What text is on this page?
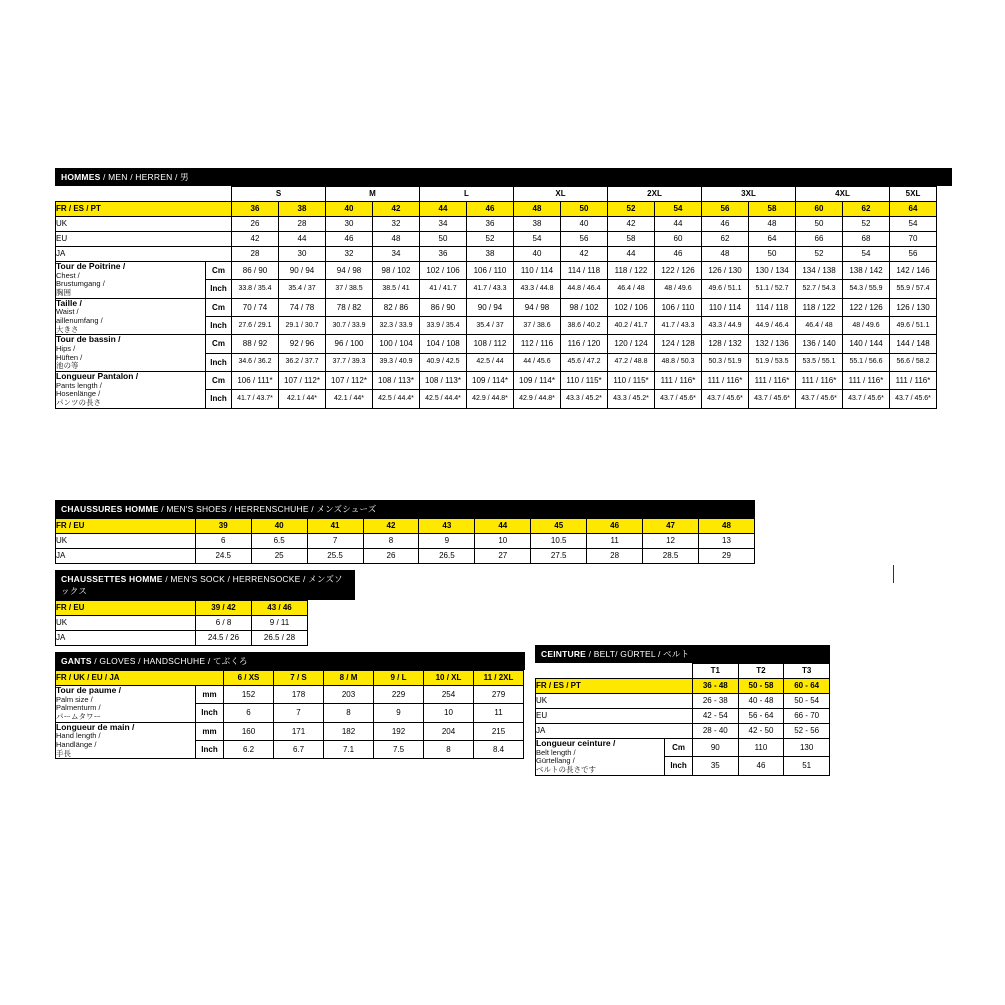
HOMMES / MEN / HERREN / 男
		S		M		L		XL		2XL		3XL		4XL		5XL
FR / ES / PT		36	38	40	42	44	46	48	50	52	54	56	58	60	62	64
UK		26	28	30	32	34	36	38	40	42	44	46	48	50	52	54
EU		42	44	46	48	50	52	54	56	58	60	62	64	66	68	70
JA		28	30	32	34	36	38	40	42	44	46	48	50	52	54	56
Tour de Poitrine /
Chest /
Brustumgang /
胸囲	Cm	86 / 90	90 / 94	94 / 98	98 / 102	102 / 106	106 / 110	110 / 114	114 / 118	118 / 122	122 / 126	126 / 130	130 / 134	134 / 138	138 / 142	142 / 146
	Inch	33.8 / 35.4	35.4 / 37	37 / 38.5	38.5 / 41	41 / 41.7	41.7 / 43.3	43.3 / 44.8	44.8 / 46.4	46.4 / 48	48 / 49.6	49.6 / 51.1	51.1 / 52.7	52.7 / 54.3	54.3 / 55.9	55.9 / 57.4
Taille /
Waist /
aillenumfang /
大きさ	Cm	70 / 74	74 / 78	78 / 82	82 / 86	86 / 90	90 / 94	94 / 98	98 / 102	102 / 106	106 / 110	110 / 114	114 / 118	118 / 122	122 / 126	126 / 130
	Inch	27.6 / 29.1	29.1 / 30.7	30.7 / 33.9	32.3 / 33.9	33.9 / 35.4	35.4 / 37	37 / 38.6	38.6 / 40.2	40.2 / 41.7	41.7 / 43.3	43.3 / 44.9	44.9 / 46.4	46.4 / 48	48 / 49.6	49.6 / 51.1
Tour de bassin /
Hips /
Hüften /
池の等	Cm	88 / 92	92 / 96	96 / 100	100 / 104	104 / 108	108 / 112	112 / 116	116 / 120	120 / 124	124 / 128	128 / 132	132 / 136	136 / 140	140 / 144	144 / 148
	Inch	34.6 / 36.2	36.2 / 37.7	37.7 / 39.3	39.3 / 40.9	40.9 / 42.5	42.5 / 44	44 / 45.6	45.6 / 47.2	47.2 / 48.8	48.8 / 50.3	50.3 / 51.9	51.9 / 53.5	53.5 / 55.1	55.1 / 56.6	56.6 / 58.2
Longueur Pantalon /
Pants length /
Hosenlänge /
パンツの長さ	Cm	106 / 111*	107 / 112*	107 / 112*	108 / 113*	108 / 113*	109 / 114*	109 / 114*	110 / 115*	110 / 115*	111 / 116*	111 / 116*	111 / 116*	111 / 116*	111 / 116*	111 / 116*
	Inch	41.7 / 43.7*	42.1 / 44*	42.1 / 44*	42.5 / 44.4*	42.5 / 44.4*	42.9 / 44.8*	42.9 / 44.8*	43.3 / 45.2*	43.3 / 45.2*	43.7 / 45.6*	43.7 / 45.6*	43.7 / 45.6*	43.7 / 45.6*	43.7 / 45.6*	43.7 / 45.6*
CHAUSSURES HOMME / MEN'S SHOES / HERRENSCHUHE / メンズシューズ
FR / EU	39	40	41	42	43	44	45	46	47	48
UK	6	6.5	7	8	9	10	10.5	11	12	13
JA	24.5	25	25.5	26	26.5	27	27.5	28	28.5	29
CHAUSSETTES HOMME / MEN'S SOCK / HERRENSOCKE / メンズソックス
FR / EU	39 / 42	43 / 46
UK	6 / 8	9 / 11
JA	24.5 / 26	26.5 / 28
GANTS / GLOVES / HANDSCHUHE / てぶくろ
FR / UK / EU / JA		6 / XS	7 / S	8 / M	9 / L	10 / XL	11 / 2XL
Tour de paume /
Palm size /
Palmenturm /
パームタワー	mm	152	178	203	229	254	279
	Inch	6	7	8	9	10	11
Longueur de main /
Hand length /
Handlänge /
手長	mm	160	171	182	192	204	215
	Inch	6.2	6.7	7.1	7.5	8	8.4
CEINTURE / BELT/ GÜRTEL / ベルト
		T1	T2	T3
FR / ES / PT		36 - 48	50 - 58	60 - 64
UK		26 - 38	40 - 48	50 - 54
EU		42 - 54	56 - 64	66 - 70
JA		28 - 40	42 - 50	52 - 56
Longueur ceinture /
Belt length /
Gürtellang /
ベルトの長さです	Cm	90	110	130
	Inch	35	46	51
